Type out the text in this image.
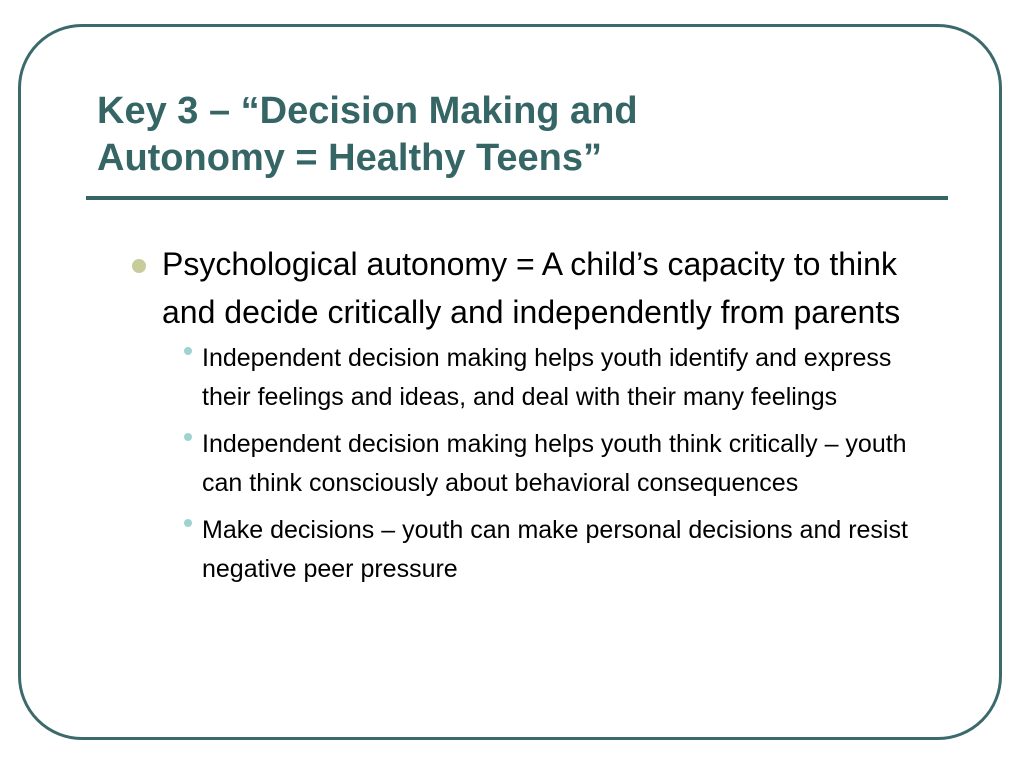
Key 3 – “Decision Making and
Autonomy = Healthy Teens”
Psychological autonomy = A child’s capacity to think and decide critically and independently from parents
Independent decision making helps youth identify and express their feelings and ideas, and deal with their many feelings
Independent decision making helps youth think critically – youth can think consciously about behavioral consequences
Make decisions – youth can make personal decisions and resist negative peer pressure
